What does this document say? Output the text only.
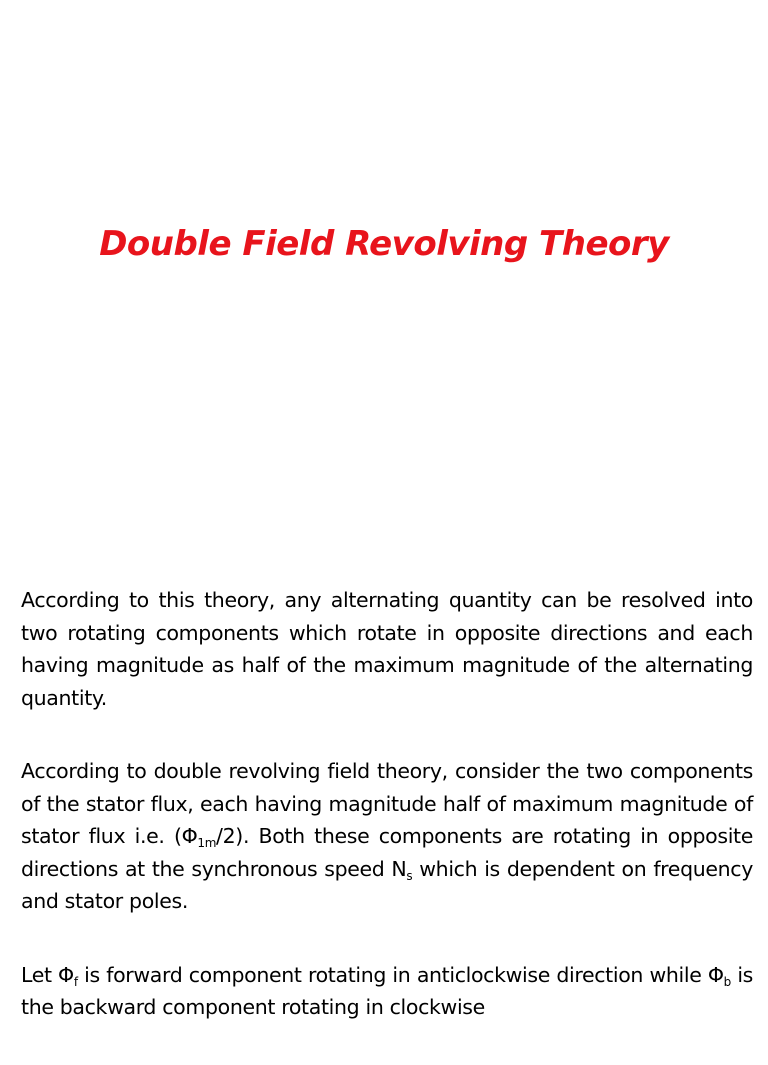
Double Field Revolving Theory

According to this theory, any alternating quantity can be resolved into two rotating components which rotate in opposite directions and each having magnitude as half of the maximum magnitude of the alternating quantity.

According to double revolving field theory, consider the two components of the stator flux, each having magnitude half of maximum magnitude of stator flux i.e. $(\Phi_{1m}/2)$. Both these components are rotating in opposite directions at the synchronous speed $N_s$ which is dependent on frequency and stator poles.

Let $\Phi_f$ is forward component rotating in anticlockwise direction while $\Phi_b$ is the backward component rotating in clockwise
